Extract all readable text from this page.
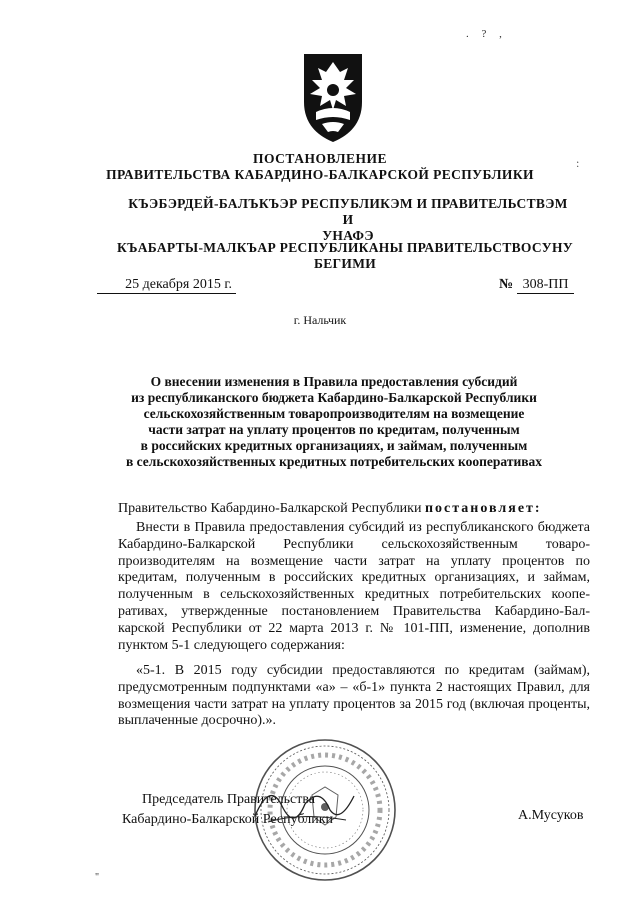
. ? ,
:
ПОСТАНОВЛЕНИЕ
ПРАВИТЕЛЬСТВА КАБАРДИНО-БАЛКАРСКОЙ РЕСПУБЛИКИ
КЪЭБЭРДЕЙ-БАЛЪКЪЭР РЕСПУБЛИКЭМ И ПРАВИТЕЛЬСТВЭМ И
УНАФЭ
КЪАБАРТЫ-МАЛКЪАР РЕСПУБЛИКАНЫ ПРАВИТЕЛЬСТВОСУНУ
БЕГИМИ
25 декабря 2015 г.	№ 308-ПП
г. Нальчик
О внесении изменения в Правила предоставления субсидий
из республиканского бюджета Кабардино-Балкарской Республики
сельскохозяйственным товаропроизводителям на возмещение
части затрат на уплату процентов по кредитам, полученным
в российских кредитных организациях, и займам, полученным
в сельскохозяйственных кредитных потребительских кооперативах
Правительство Кабардино-Балкарской Республики постановляет:
Внести в Правила предоставления субсидий из республиканского бюджета Кабардино-Балкарской Республики сельскохозяйственным товаро-производителям на возмещение части затрат на уплату процентов по кредитам, полученным в российских кредитных организациях, и займам, полученным в сельскохозяйственных кредитных потребительских коопе-ративах, утвержденные постановлением Правительства Кабардино-Бал-карской Республики от 22 марта 2013 г. № 101-ПП, изменение, дополнив пунктом 5-1 следующего содержания:
«5-1. В 2015 году субсидии предоставляются по кредитам (займам), предусмотренным подпунктами «а» – «б-1» пункта 2 настоящих Правил, для возмещения части затрат на уплату процентов за 2015 год (включая проценты, выплаченные досрочно).».
Председатель Правительства
Кабардино-Балкарской Республики	А.Мусуков
"
